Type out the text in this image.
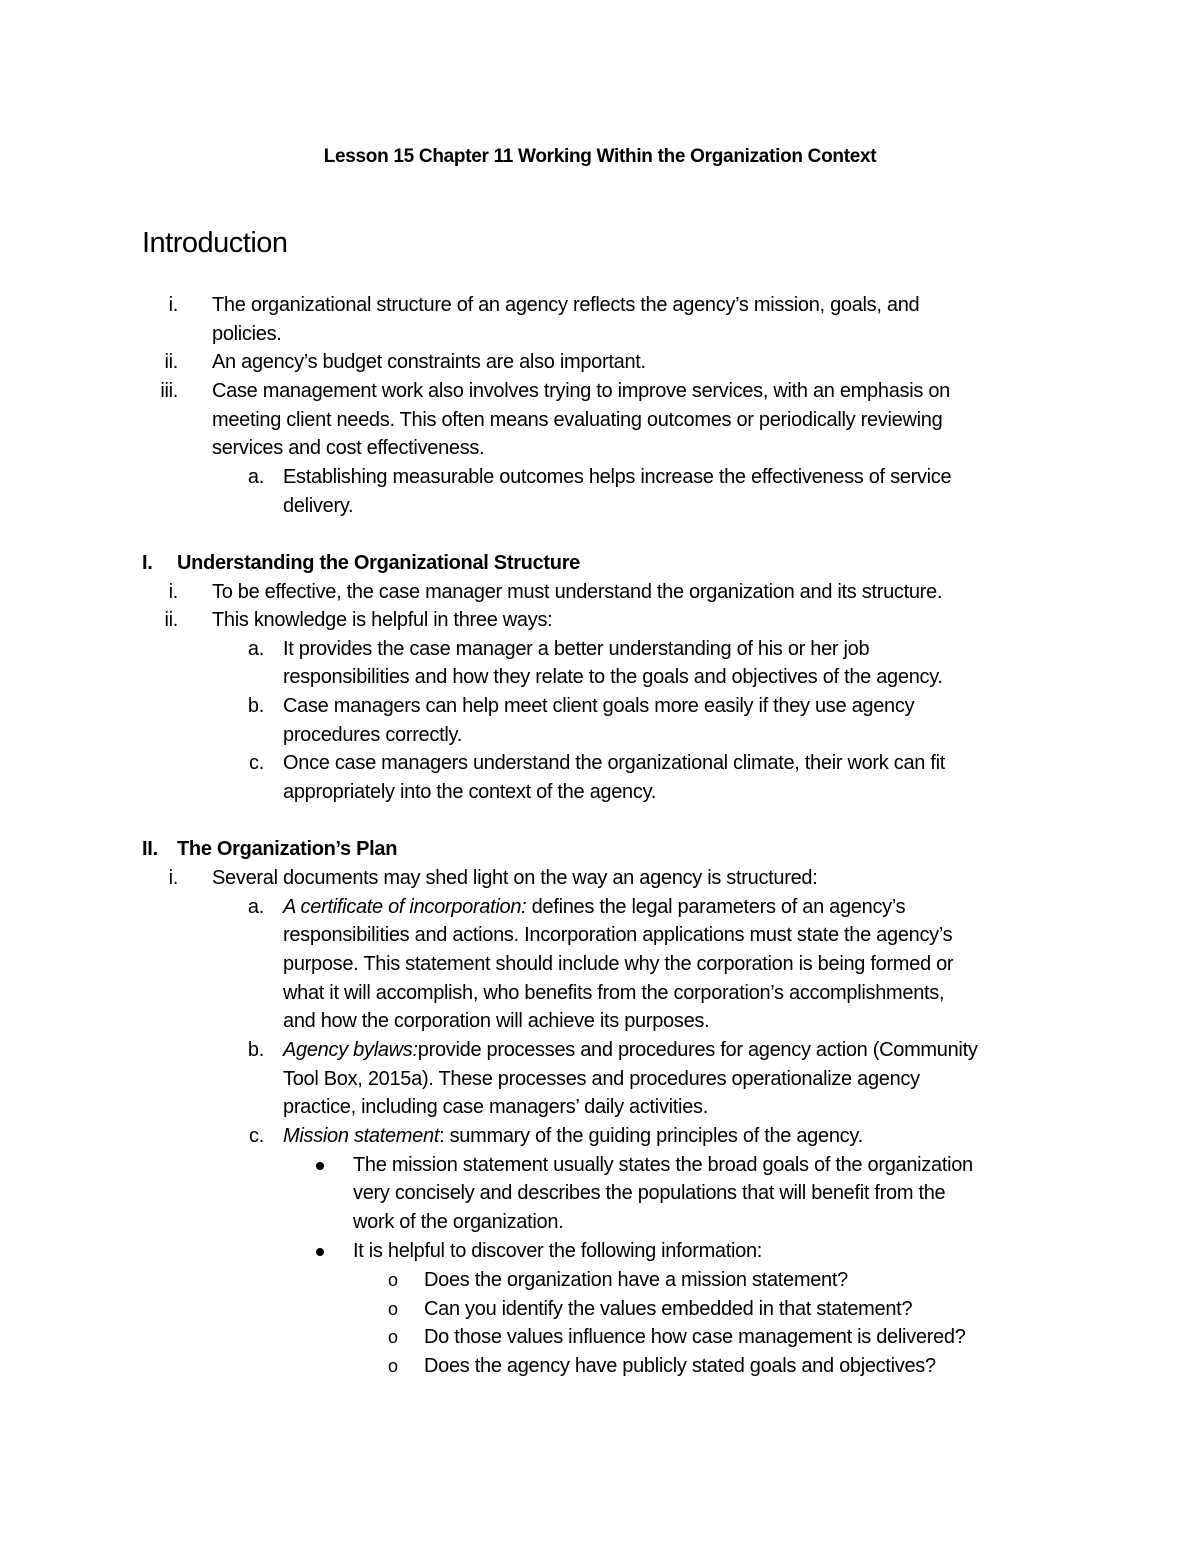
Lesson 15 Chapter 11 Working Within the Organization Context
Introduction
i. The organizational structure of an agency reflects the agency’s mission, goals, and
policies.
ii. An agency’s budget constraints are also important.
iii. Case management work also involves trying to improve services, with an emphasis on
meeting client needs. This often means evaluating outcomes or periodically reviewing
services and cost effectiveness.
a. Establishing measurable outcomes helps increase the effectiveness of service
delivery.
I. Understanding the Organizational Structure
i. To be effective, the case manager must understand the organization and its structure.
ii. This knowledge is helpful in three ways:
a. It provides the case manager a better understanding of his or her job
responsibilities and how they relate to the goals and objectives of the agency.
b. Case managers can help meet client goals more easily if they use agency
procedures correctly.
c. Once case managers understand the organizational climate, their work can fit
appropriately into the context of the agency.
II. The Organization’s Plan
i. Several documents may shed light on the way an agency is structured:
a. A certificate of incorporation: defines the legal parameters of an agency’s
responsibilities and actions. Incorporation applications must state the agency’s
purpose. This statement should include why the corporation is being formed or
what it will accomplish, who benefits from the corporation’s accomplishments,
and how the corporation will achieve its purposes.
b. Agency bylaws:provide processes and procedures for agency action (Community
Tool Box, 2015a). These processes and procedures operationalize agency
practice, including case managers’ daily activities.
c. Mission statement: summary of the guiding principles of the agency.
The mission statement usually states the broad goals of the organization
very concisely and describes the populations that will benefit from the
work of the organization.
It is helpful to discover the following information:
o Does the organization have a mission statement?
o Can you identify the values embedded in that statement?
o Do those values influence how case management is delivered?
o Does the agency have publicly stated goals and objectives?
